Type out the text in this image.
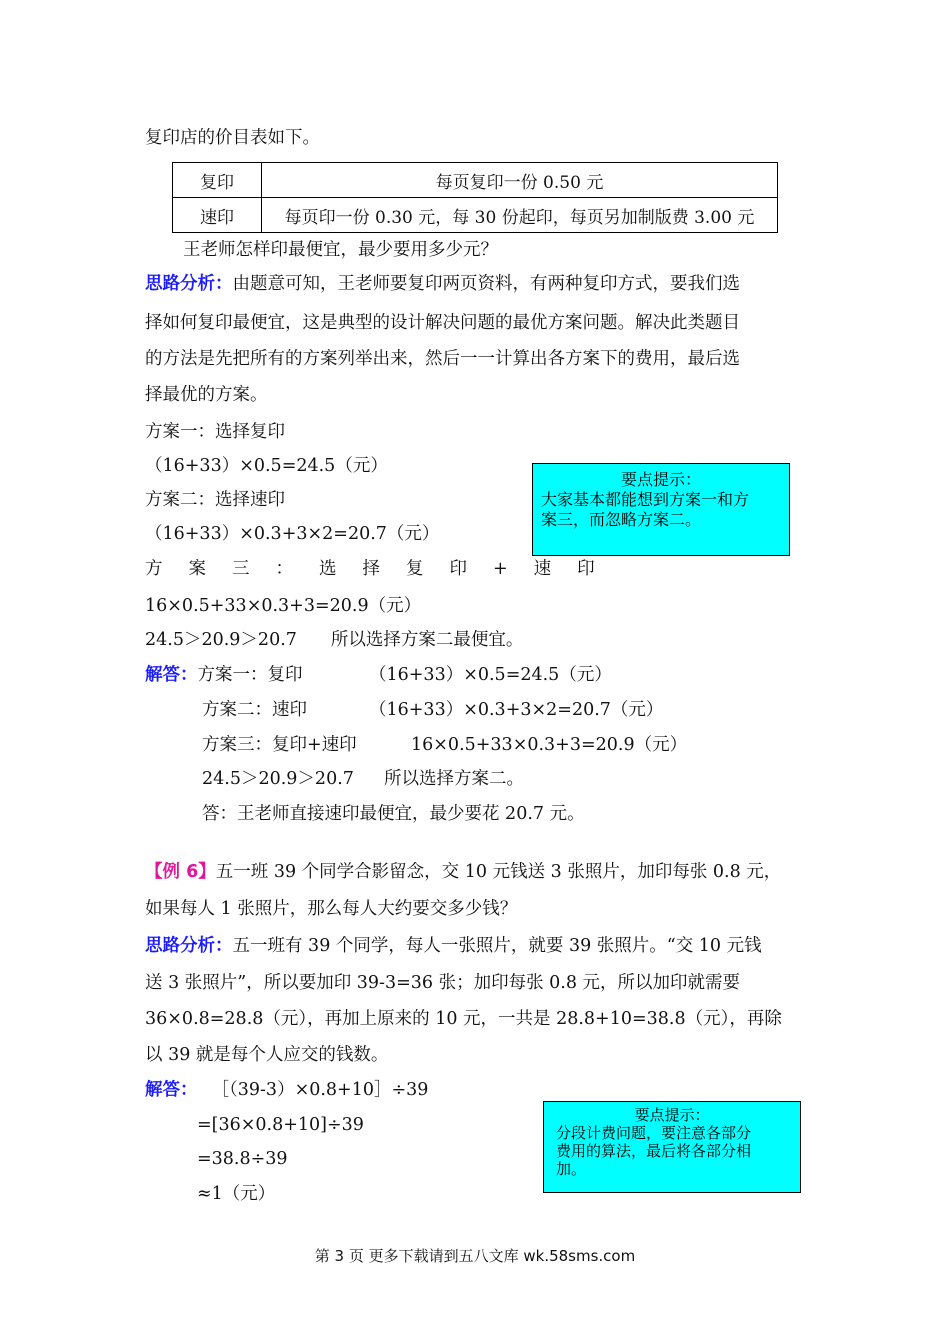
复印店的价目表如下。
复印	每页复印一份 0.50 元
速印	每页印一份 0.30 元，每 30 份起印，每页另加制版费 3.00 元
王老师怎样印最便宜，最少要用多少元？
思路分析：由题意可知，王老师要复印两页资料，有两种复印方式，要我们选
择如何复印最便宜，这是典型的设计解决问题的最优方案问题。解决此类题目
的方法是先把所有的方案列举出来，然后一一计算出各方案下的费用，最后选
择最优的方案。
方案一：选择复印
（16+33）×0.5=24.5（元）
方案二：选择速印
（16+33）×0.3+3×2=20.7（元）
方案三：选择复印+速印
16×0.5+33×0.3+3=20.9（元）
24.5＞20.9＞20.7 所以选择方案二最便宜。
要点提示：
大家基本都能想到方案一和方
案三，而忽略方案二。
解答：方案一：复印	（16+33）×0.5=24.5（元）
方案二：速印	（16+33）×0.3+3×2=20.7（元）
方案三：复印+速印	16×0.5+33×0.3+3=20.9（元）
24.5＞20.9＞20.7 所以选择方案二。
答：王老师直接速印最便宜，最少要花 20.7 元。
【例 6】五一班 39 个同学合影留念，交 10 元钱送 3 张照片，加印每张 0.8 元，
如果每人 1 张照片，那么每人大约要交多少钱？
思路分析：五一班有 39 个同学，每人一张照片，就要 39 张照片。“交 10 元钱
送 3 张照片”，所以要加印 39-3=36 张；加印每张 0.8 元，所以加印就需要
36×0.8=28.8（元），再加上原来的 10 元，一共是 28.8+10=38.8（元），再除
以 39 就是每个人应交的钱数。
解答： ［（39-3）×0.8+10］÷39
=[36×0.8+10]÷39
=38.8÷39
≈1（元）
要点提示：
分段计费问题，要注意各部分
费用的算法，最后将各部分相
加。
第 3 页 更多下载请到五八文库 wk.58sms.com
